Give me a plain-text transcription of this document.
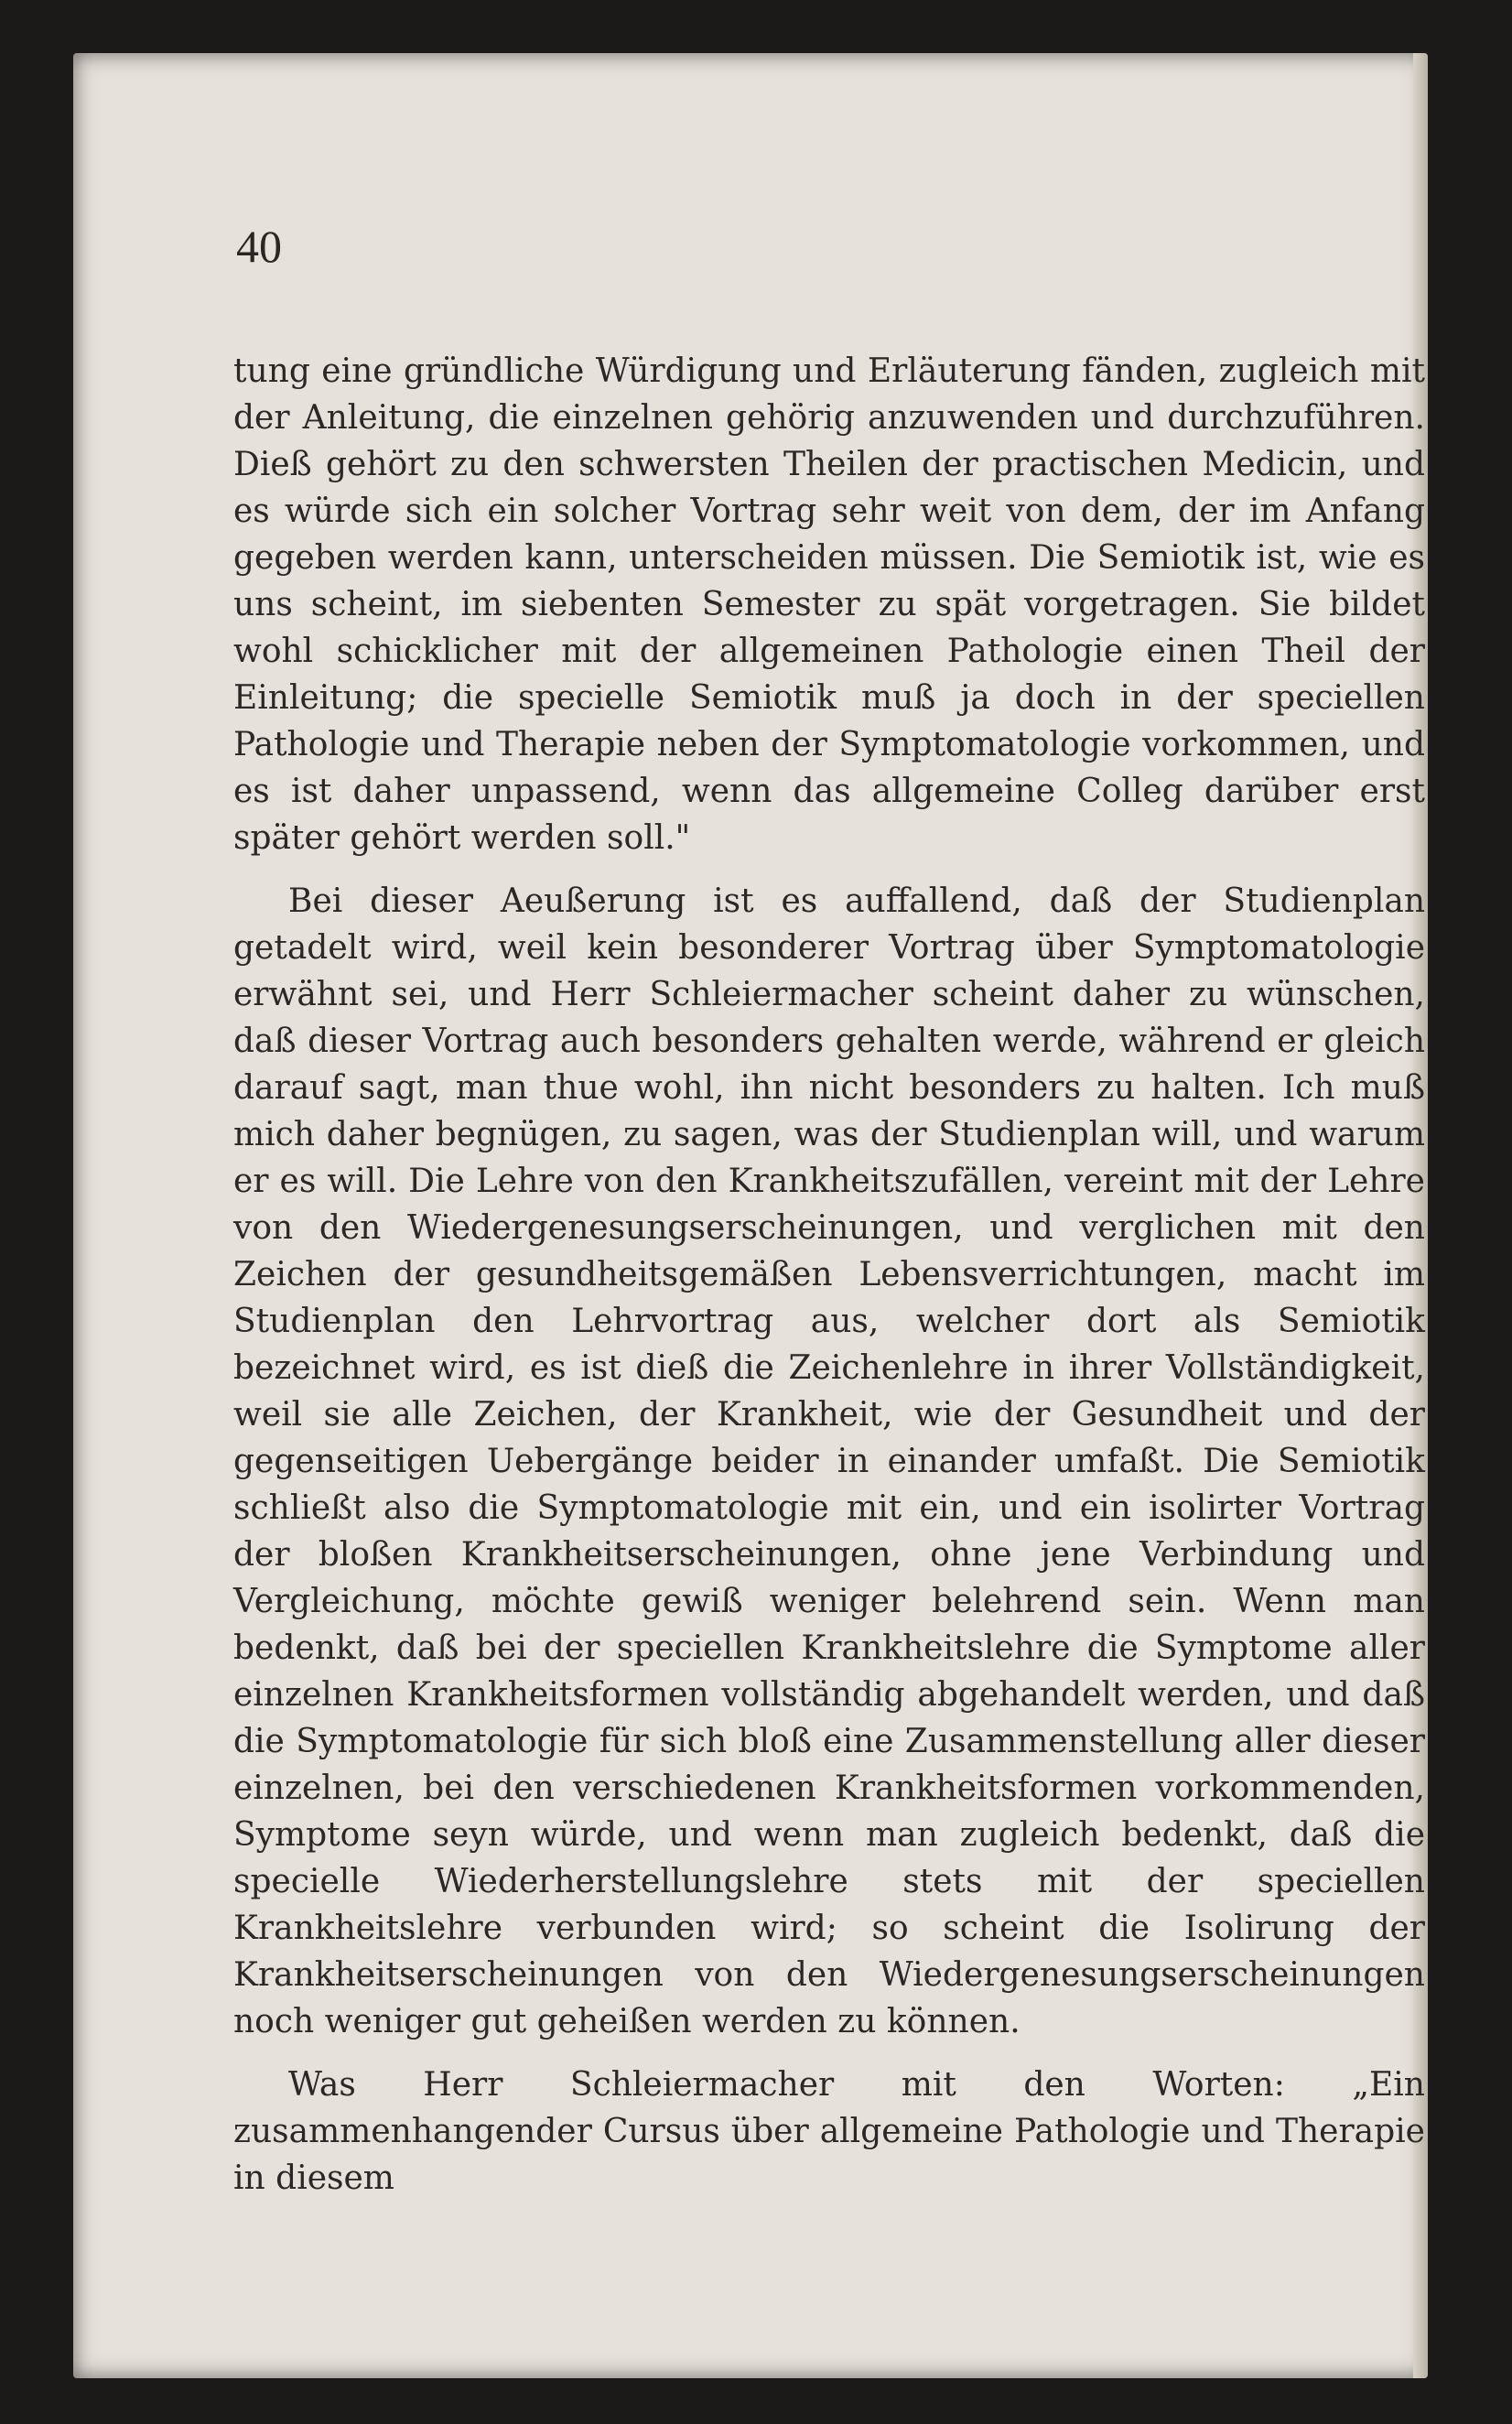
40

tung eine gründliche Würdigung und Erläuterung fänden, zugleich mit der Anleitung, die einzelnen gehörig anzuwenden und durchzuführen. Dieß gehört zu den schwersten Theilen der practischen Medicin, und es würde sich ein solcher Vortrag sehr weit von dem, der im Anfang gegeben werden kann, unterscheiden müssen. Die Semiotik ist, wie es uns scheint, im siebenten Semester zu spät vorgetragen. Sie bildet wohl schicklicher mit der allgemeinen Pathologie einen Theil der Einleitung; die specielle Semiotik muß ja doch in der speciellen Pathologie und Therapie neben der Symptomatologie vorkommen, und es ist daher unpassend, wenn das allgemeine Colleg darüber erst später gehört werden soll."

Bei dieser Aeußerung ist es auffallend, daß der Studienplan getadelt wird, weil kein besonderer Vortrag über Symptomatologie erwähnt sei, und Herr Schleiermacher scheint daher zu wünschen, daß dieser Vortrag auch besonders gehalten werde, während er gleich darauf sagt, man thue wohl, ihn nicht besonders zu halten. Ich muß mich daher begnügen, zu sagen, was der Studienplan will, und warum er es will. Die Lehre von den Krankheitszufällen, vereint mit der Lehre von den Wiedergenesungserscheinungen, und verglichen mit den Zeichen der gesundheitsgemäßen Lebensverrichtungen, macht im Studienplan den Lehrvortrag aus, welcher dort als Semiotik bezeichnet wird, es ist dieß die Zeichenlehre in ihrer Vollständigkeit, weil sie alle Zeichen, der Krankheit, wie der Gesundheit und der gegenseitigen Uebergänge beider in einander umfaßt. Die Semiotik schließt also die Symptomatologie mit ein, und ein isolirter Vortrag der bloßen Krankheitserscheinungen, ohne jene Verbindung und Vergleichung, möchte gewiß weniger belehrend sein. Wenn man bedenkt, daß bei der speciellen Krankheitslehre die Symptome aller einzelnen Krankheitsformen vollständig abgehandelt werden, und daß die Symptomatologie für sich bloß eine Zusammenstellung aller dieser einzelnen, bei den verschiedenen Krankheitsformen vorkommenden, Symptome seyn würde, und wenn man zugleich bedenkt, daß die specielle Wiederherstellungslehre stets mit der speciellen Krankheitslehre verbunden wird; so scheint die Isolirung der Krankheitserscheinungen von den Wiedergenesungserscheinungen noch weniger gut geheißen werden zu können.

Was Herr Schleiermacher mit den Worten: „Ein zusammenhangender Cursus über allgemeine Pathologie und Therapie in diesem
